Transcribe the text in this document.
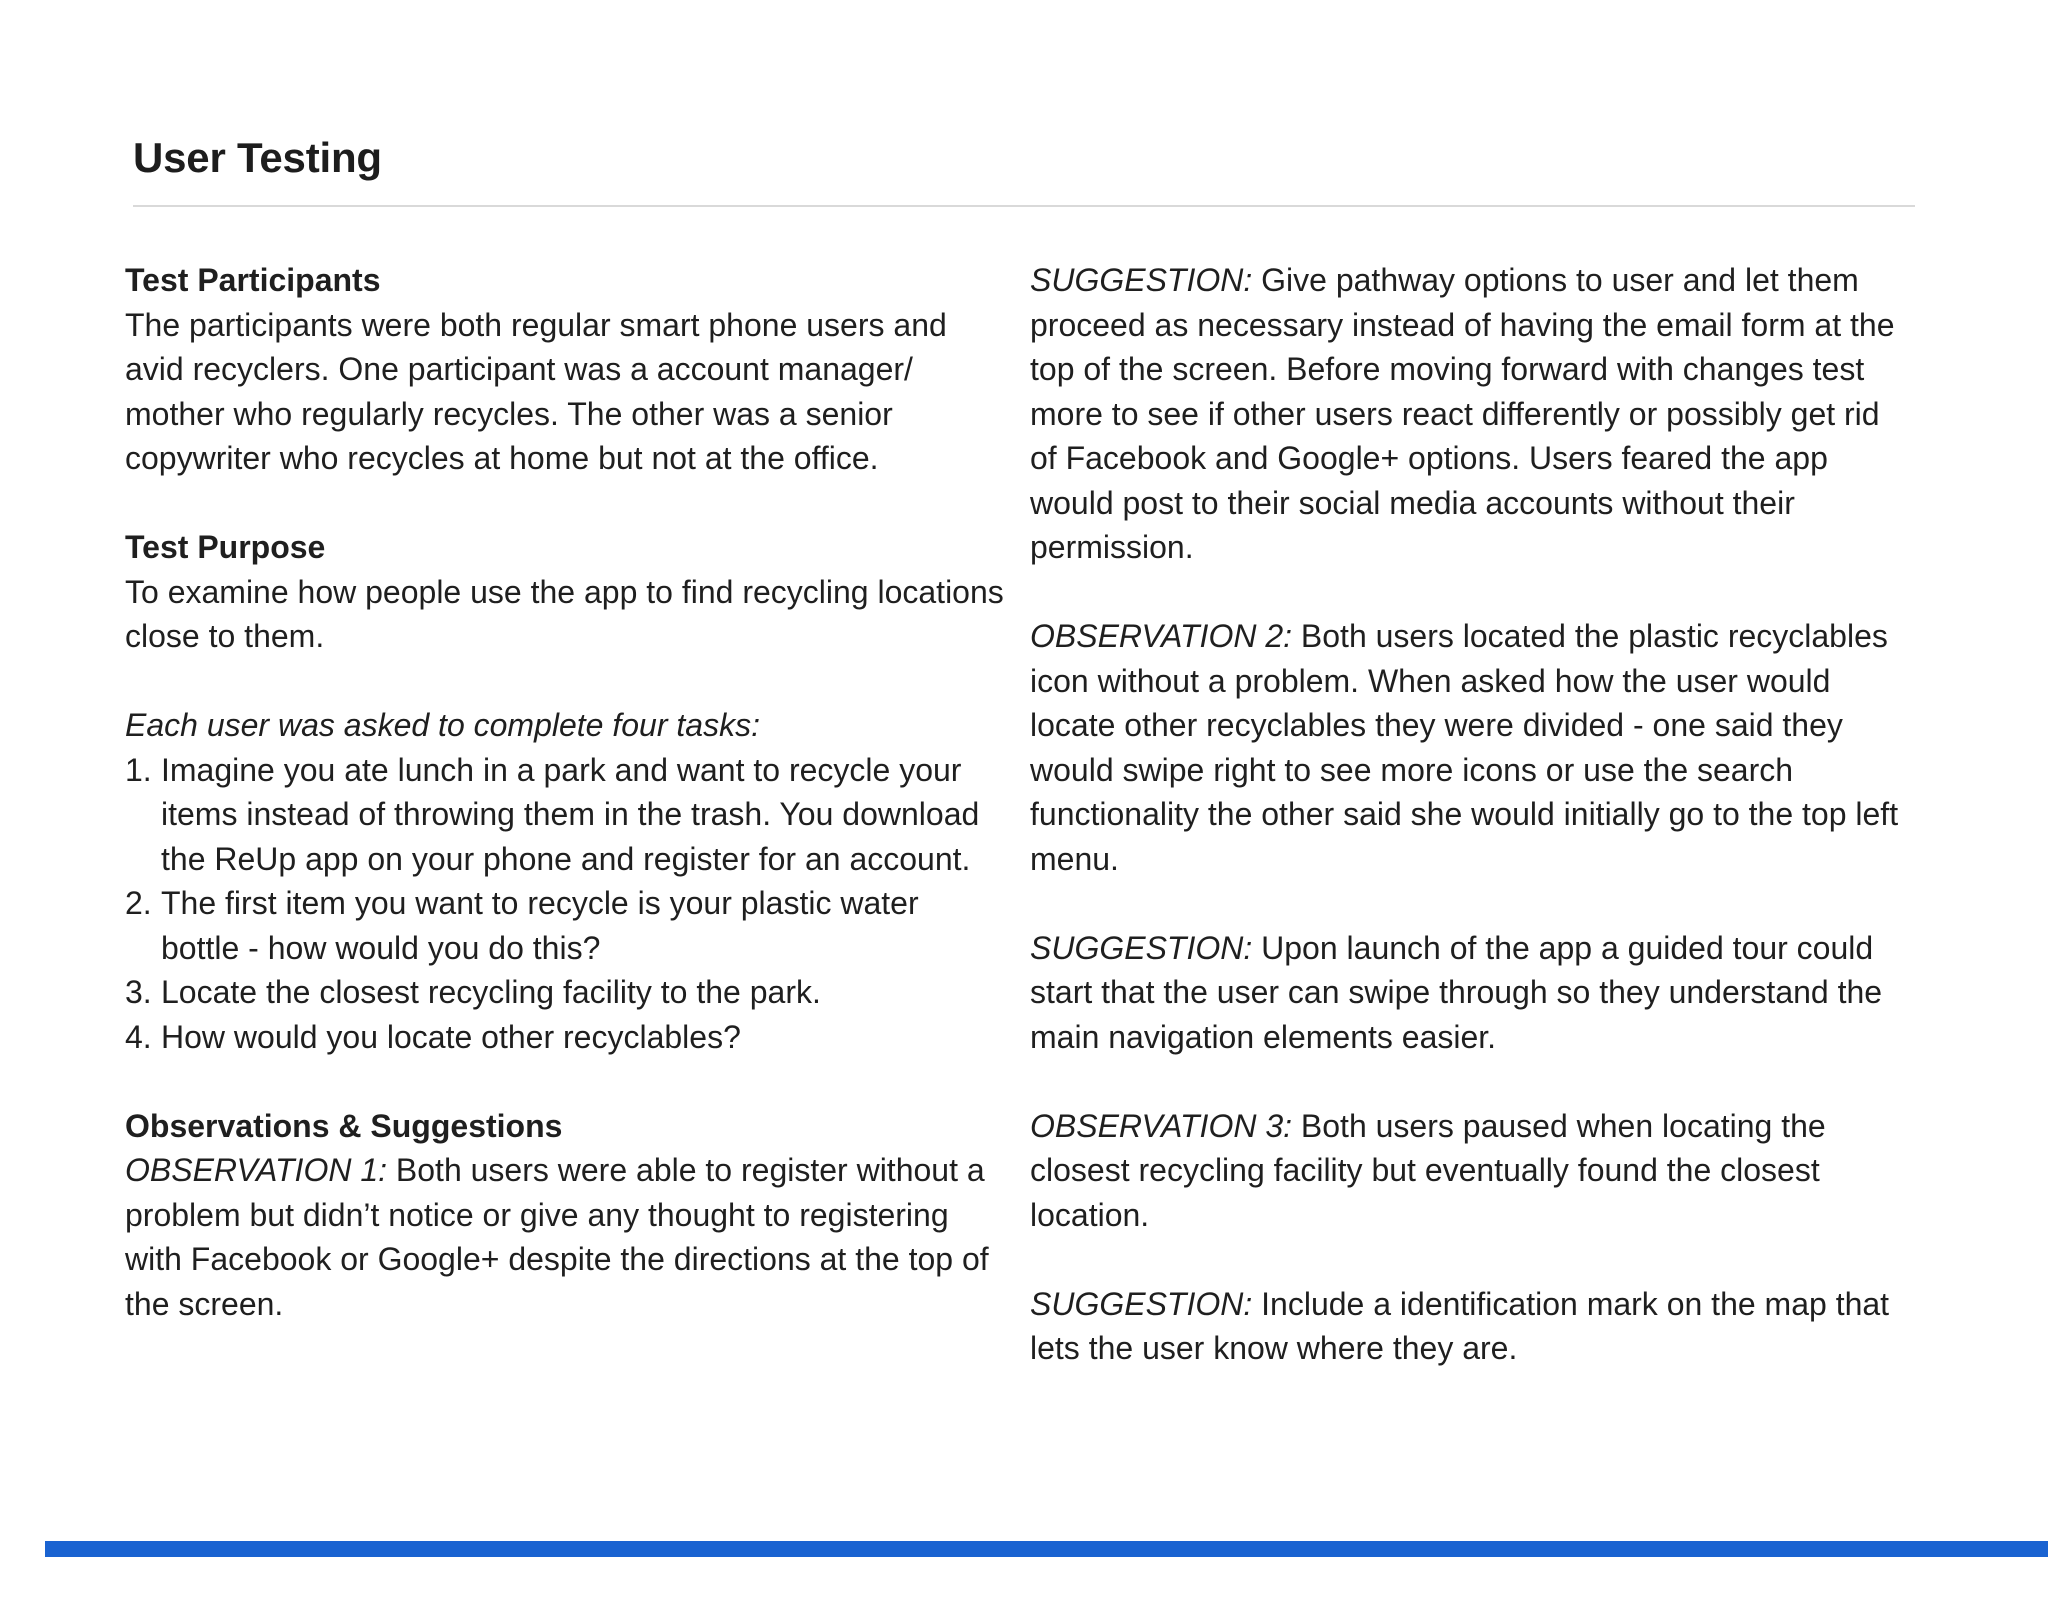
User Testing
Test Participants

The participants were both regular smart phone users and avid recyclers. One participant was a account manager/ mother who regularly recycles. The other was a senior copywriter who recycles at home but not at the office.

Test Purpose

To examine how people use the app to find recycling locations close to them.

Each user was asked to complete four tasks:

1. Imagine you ate lunch in a park and want to recycle your items instead of throwing them in the trash. You download the ReUp app on your phone and register for an account.
2. The first item you want to recycle is your plastic water bottle - how would you do this?
3. Locate the closest recycling facility to the park.
4. How would you locate other recyclables?
Observations & Suggestions

OBSERVATION 1: Both users were able to register without a problem but didn’t notice or give any thought to registering with Facebook or Google+ despite the directions at the top of the screen.

SUGGESTION: Give pathway options to user and let them proceed as necessary instead of having the email form at the top of the screen. Before moving forward with changes test more to see if other users react differently or possibly get rid of Facebook and Google+ options. Users feared the app would post to their social media accounts without their permission.

OBSERVATION 2: Both users located the plastic recyclables icon without a problem. When asked how the user would locate other recyclables they were divided - one said they would swipe right to see more icons or use the search functionality the other said she would initially go to the top left menu.

SUGGESTION: Upon launch of the app a guided tour could start that the user can swipe through so they understand the main navigation elements easier.

OBSERVATION 3: Both users paused when locating the closest recycling facility but eventually found the closest location.

SUGGESTION: Include a identification mark on the map that lets the user know where they are.
